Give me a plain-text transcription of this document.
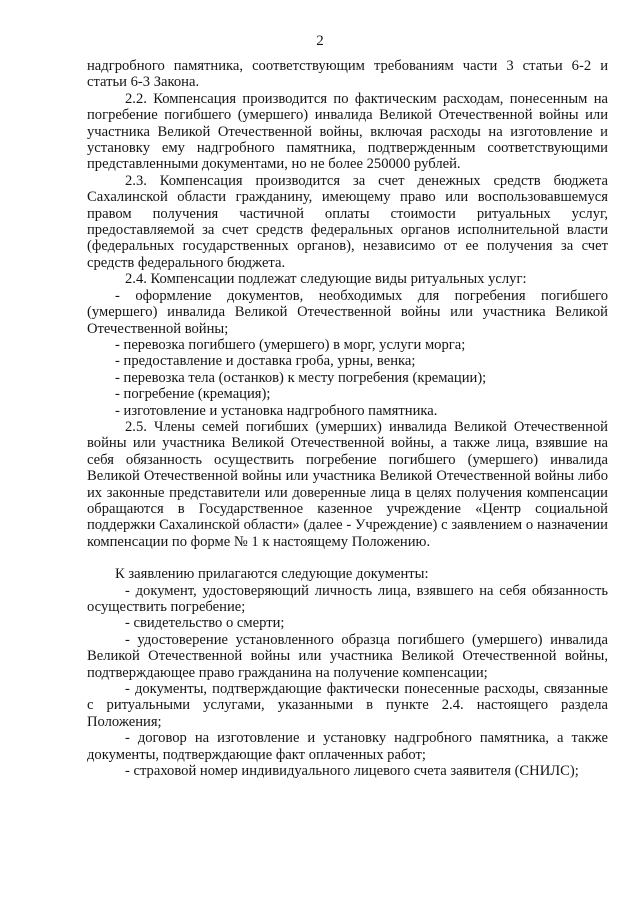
2

надгробного памятника, соответствующим требованиям части 3 статьи 6-2 и статьи 6-3 Закона.

2.2. Компенсация производится по фактическим расходам, понесенным на погребение погибшего (умершего) инвалида Великой Отечественной войны или участника Великой Отечественной войны, включая расходы на изготовление и установку ему надгробного памятника, подтвержденным соответствующими представленными документами, но не более 250000 рублей.

2.3. Компенсация производится за счет денежных средств бюджета Сахалинской области гражданину, имеющему право или воспользовавшемуся правом получения частичной оплаты стоимости ритуальных услуг, предоставляемой за счет средств федеральных органов исполнительной власти (федеральных государственных органов), независимо от ее получения за счет средств федерального бюджета.

2.4. Компенсации подлежат следующие виды ритуальных услуг:

- оформление документов, необходимых для погребения погибшего (умершего) инвалида Великой Отечественной войны или участника Великой Отечественной войны;

- перевозка погибшего (умершего) в морг, услуги морга;

- предоставление и доставка гроба, урны, венка;

- перевозка тела (останков) к месту погребения (кремации);

- погребение (кремация);

- изготовление и установка надгробного памятника.

2.5. Члены семей погибших (умерших) инвалида Великой Отечественной войны или участника Великой Отечественной войны, а также лица, взявшие на себя обязанность осуществить погребение погибшего (умершего) инвалида Великой Отечественной войны или участника Великой Отечественной войны либо их законные представители или доверенные лица в целях получения компенсации обращаются в Государственное казенное учреждение «Центр социальной поддержки Сахалинской области» (далее - Учреждение) с заявлением о назначении компенсации по форме № 1 к настоящему Положению.

К заявлению прилагаются следующие документы:

- документ, удостоверяющий личность лица, взявшего на себя обязанность осуществить погребение;

- свидетельство о смерти;

- удостоверение установленного образца погибшего (умершего) инвалида Великой Отечественной войны или участника Великой Отечественной войны, подтверждающее право гражданина на получение компенсации;

- документы, подтверждающие фактически понесенные расходы, связанные с ритуальными услугами, указанными в пункте 2.4. настоящего раздела Положения;

- договор на изготовление и установку надгробного памятника, а также документы, подтверждающие факт оплаченных работ;

- страховой номер индивидуального лицевого счета заявителя (СНИЛС);
